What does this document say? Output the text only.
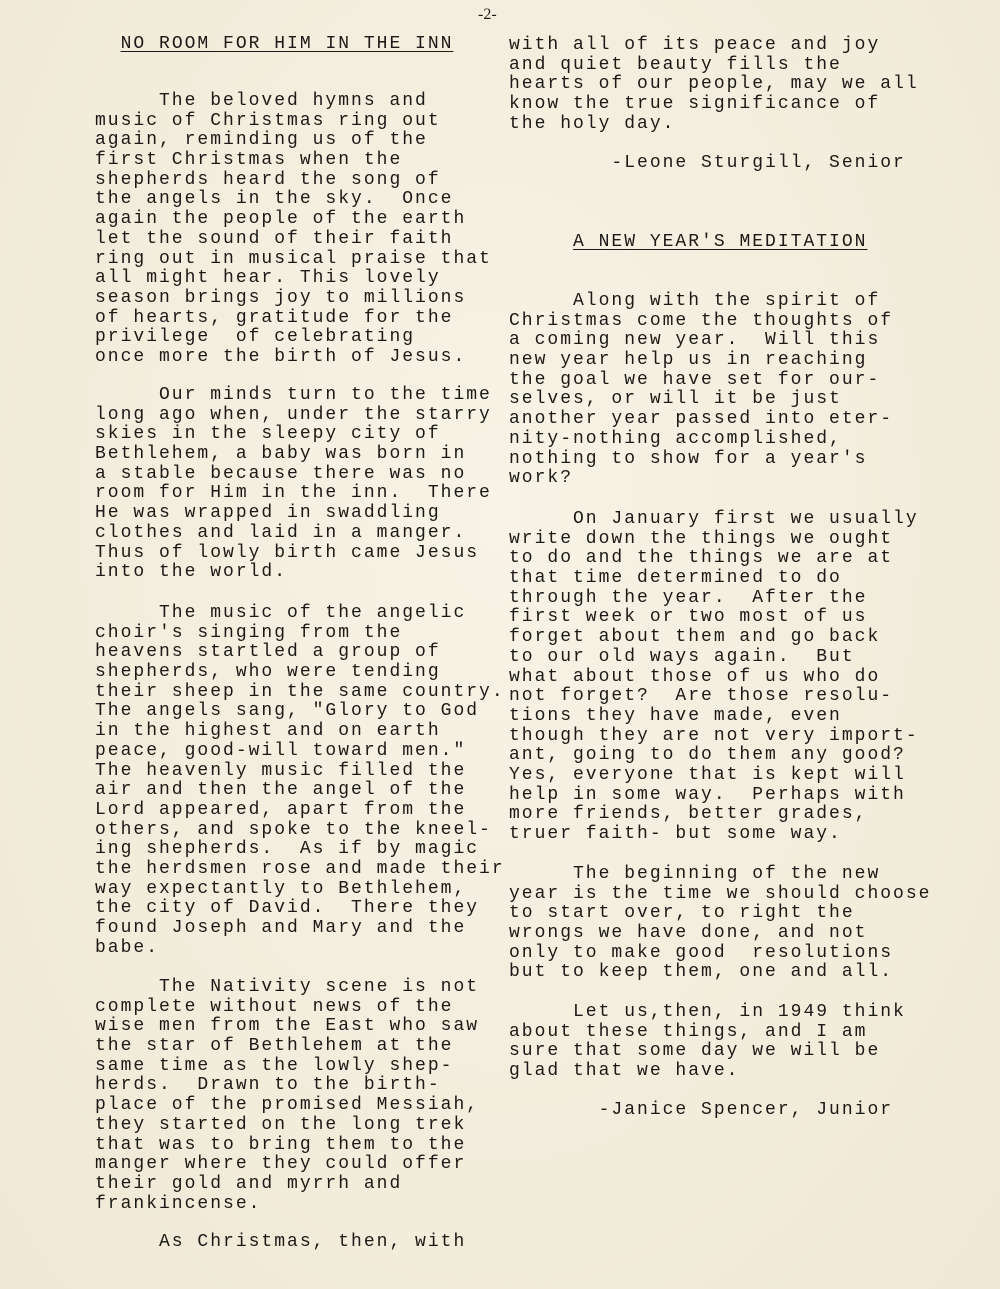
-2-
NO ROOM FOR HIM IN THE INN
The beloved hymns and
music of Christmas ring out
again, reminding us of the
first Christmas when the
shepherds heard the song of
the angels in the sky.  Once
again the people of the earth
let the sound of their faith
ring out in musical praise that
all might hear. This lovely
season brings joy to millions
of hearts, gratitude for the
privilege  of celebrating
once more the birth of Jesus.
Our minds turn to the time
long ago when, under the starry
skies in the sleepy city of
Bethlehem, a baby was born in
a stable because there was no
room for Him in the inn.  There
He was wrapped in swaddling
clothes and laid in a manger.
Thus of lowly birth came Jesus
into the world.
The music of the angelic
choir's singing from the
heavens startled a group of
shepherds, who were tending
their sheep in the same country.
The angels sang, "Glory to God
in the highest and on earth
peace, good-will toward men."
The heavenly music filled the
air and then the angel of the
Lord appeared, apart from the
others, and spoke to the kneel-
ing shepherds.  As if by magic
the herdsmen rose and made their
way expectantly to Bethlehem,
the city of David.  There they
found Joseph and Mary and the
babe.
The Nativity scene is not
complete without news of the
wise men from the East who saw
the star of Bethlehem at the
same time as the lowly shep-
herds.  Drawn to the birth-
place of the promised Messiah,
they started on the long trek
that was to bring them to the
manger where they could offer
their gold and myrrh and
frankincense.
As Christmas, then, with
with all of its peace and joy
and quiet beauty fills the
hearts of our people, may we all
know the true significance of
the holy day.
-Leone Sturgill, Senior
A NEW YEAR'S MEDITATION
Along with the spirit of
Christmas come the thoughts of
a coming new year.  Will this
new year help us in reaching
the goal we have set for our-
selves, or will it be just
another year passed into eter-
nity-nothing accomplished,
nothing to show for a year's
work?
On January first we usually
write down the things we ought
to do and the things we are at
that time determined to do
through the year.  After the
first week or two most of us
forget about them and go back
to our old ways again.  But
what about those of us who do
not forget?  Are those resolu-
tions they have made, even
though they are not very import-
ant, going to do them any good?
Yes, everyone that is kept will
help in some way.  Perhaps with
more friends, better grades,
truer faith- but some way.
The beginning of the new
year is the time we should choose
to start over, to right the
wrongs we have done, and not
only to make good  resolutions
but to keep them, one and all.
Let us,then, in 1949 think
about these things, and I am
sure that some day we will be
glad that we have.
-Janice Spencer, Junior
